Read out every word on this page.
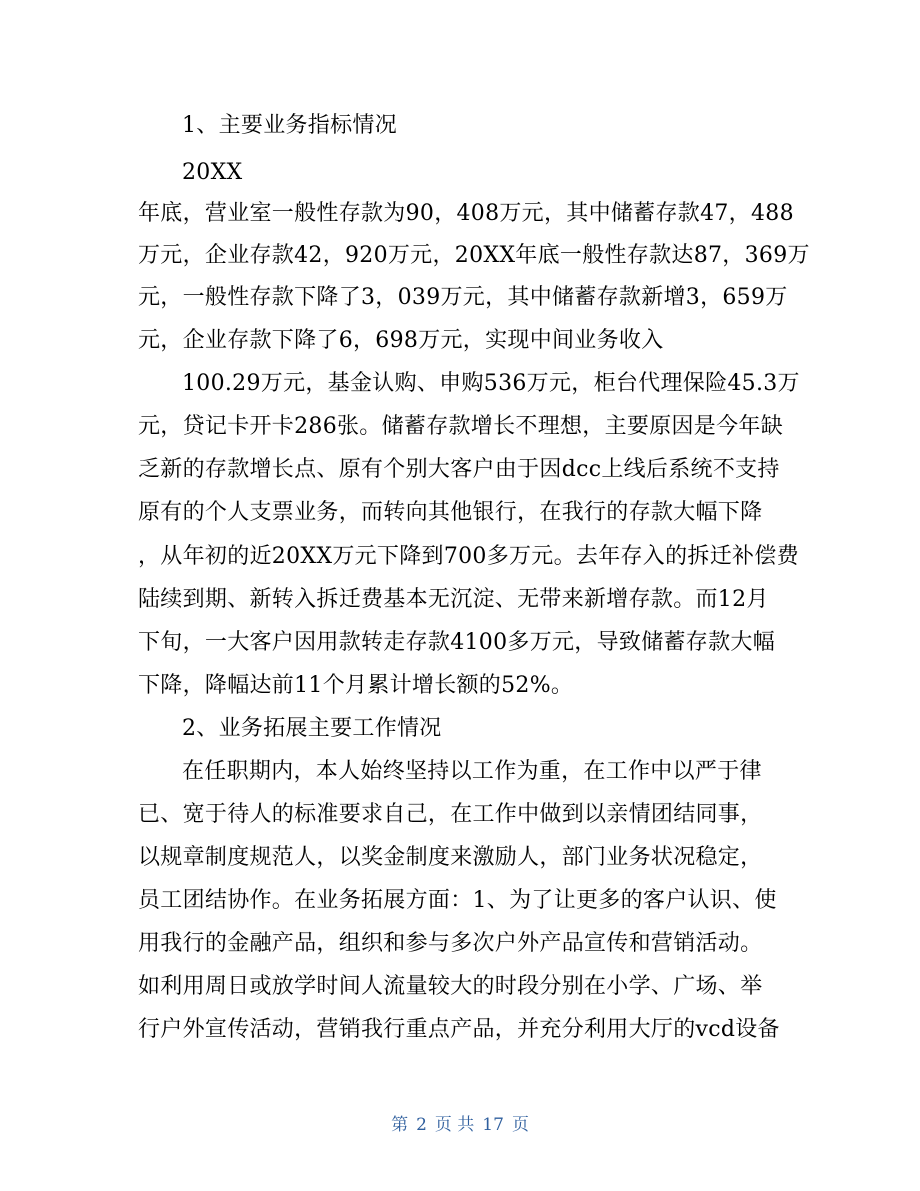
1、主要业务指标情况
20XX
年底，营业室一般性存款为90，408万元，其中储蓄存款47，488
万元，企业存款42，920万元，20XX年底一般性存款达87，369万
元，一般性存款下降了3，039万元，其中储蓄存款新增3，659万
元，企业存款下降了6，698万元，实现中间业务收入
100.29万元，基金认购、申购536万元，柜台代理保险45.3万
元，贷记卡开卡286张。储蓄存款增长不理想，主要原因是今年缺
乏新的存款增长点、原有个别大客户由于因dcc上线后系统不支持
原有的个人支票业务，而转向其他银行，在我行的存款大幅下降
，从年初的近20XX万元下降到700多万元。去年存入的拆迁补偿费
陆续到期、新转入拆迁费基本无沉淀、无带来新增存款。而12月
下旬，一大客户因用款转走存款4100多万元，导致储蓄存款大幅
下降，降幅达前11个月累计增长额的52%。
2、业务拓展主要工作情况
在任职期内，本人始终坚持以工作为重，在工作中以严于律
已、宽于待人的标准要求自己，在工作中做到以亲情团结同事，
以规章制度规范人，以奖金制度来激励人，部门业务状况稳定，
员工团结协作。在业务拓展方面：1、为了让更多的客户认识、使
用我行的金融产品，组织和参与多次户外产品宣传和营销活动。
如利用周日或放学时间人流量较大的时段分别在小学、广场、举
行户外宣传活动，营销我行重点产品，并充分利用大厅的vcd设备
第 2 页 共 17 页
